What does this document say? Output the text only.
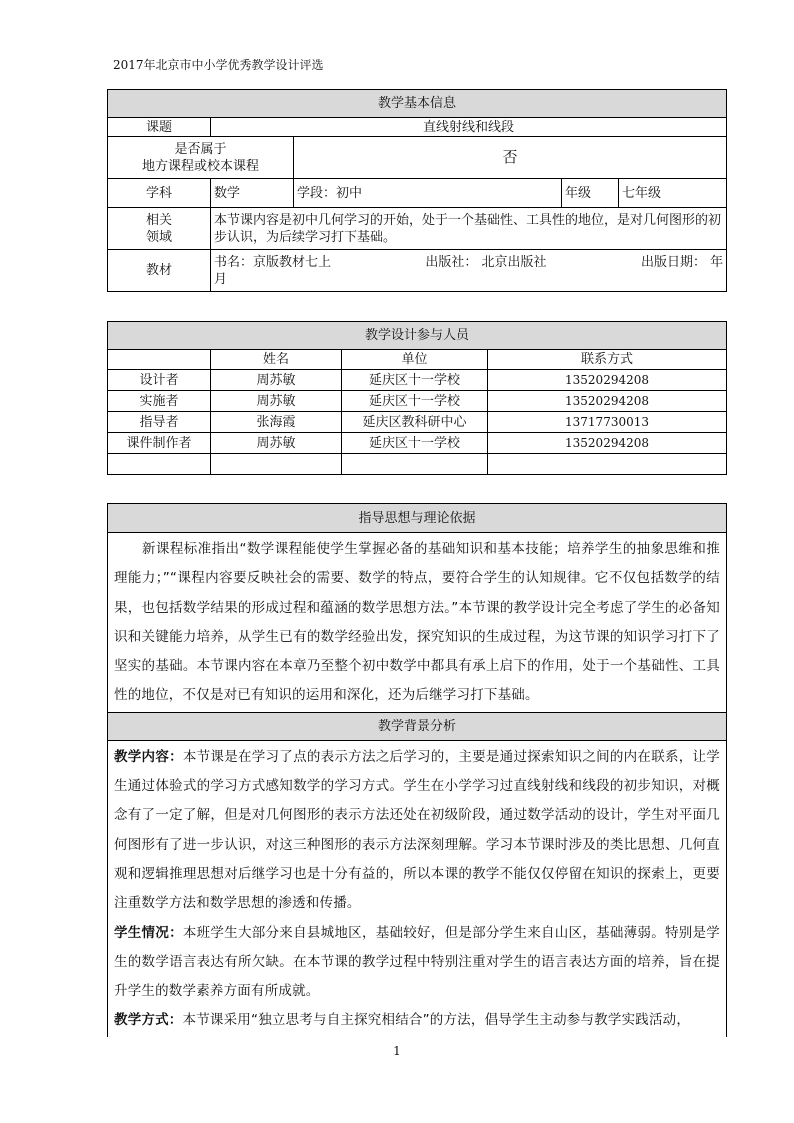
2017年北京市中小学优秀教学设计评选
教学基本信息				
课题	直线射线和线段			

是否属于
地方课程或校本课程		否		
学科	数学	学段：初中	年级	七年级

相关
领域	本节课内容是初中几何学习的开始，处于一个基础性、工具性的地位，是对几何图形的初步认识，为后续学习打下基础。			
教材	书名：京版教材七上 出版社： 北京出版社 出版日期： 年
月			
教学设计参与人员			
	姓名	单位	联系方式
设计者	周苏敏	延庆区十一学校	13520294208
实施者	周苏敏	延庆区十一学校	13520294208
指导者	张海霞	延庆区教科研中心	13717730013
课件制作者	周苏敏	延庆区十一学校	13520294208

指导思想与理论依据
新课程标准指出“数学课程能使学生掌握必备的基础知识和基本技能；培养学生的抽象思维和推理能力；”“课程内容要反映社会的需要、数学的特点，要符合学生的认知规律。它不仅包括数学的结果，也包括数学结果的形成过程和蕴涵的数学思想方法。”本节课的教学设计完全考虑了学生的必备知识和关键能力培养，从学生已有的数学经验出发，探究知识的生成过程，为这节课的知识学习打下了坚实的基础。本节课内容在本章乃至整个初中数学中都具有承上启下的作用，处于一个基础性、工具性的地位，不仅是对已有知识的运用和深化，还为后继学习打下基础。
教学背景分析

教学内容：本节课是在学习了点的表示方法之后学习的，主要是通过探索知识之间的内在联系，让学生通过体验式的学习方式感知数学的学习方式。学生在小学学习过直线射线和线段的初步知识，对概念有了一定了解，但是对几何图形的表示方法还处在初级阶段，通过数学活动的设计，学生对平面几何图形有了进一步认识，对这三种图形的表示方法深刻理解。学习本节课时涉及的类比思想、几何直观和逻辑推理思想对后继学习也是十分有益的，所以本课的教学不能仅仅停留在知识的探索上，更要注重数学方法和数学思想的渗透和传播。
学生情况：本班学生大部分来自县城地区，基础较好，但是部分学生来自山区，基础薄弱。特别是学生的数学语言表达有所欠缺。在本节课的教学过程中特别注重对学生的语言表达方面的培养，旨在提升学生的数学素养方面有所成就。
教学方式：本节课采用“独立思考与自主探究相结合”的方法，倡导学生主动参与教学实践活动，
1
